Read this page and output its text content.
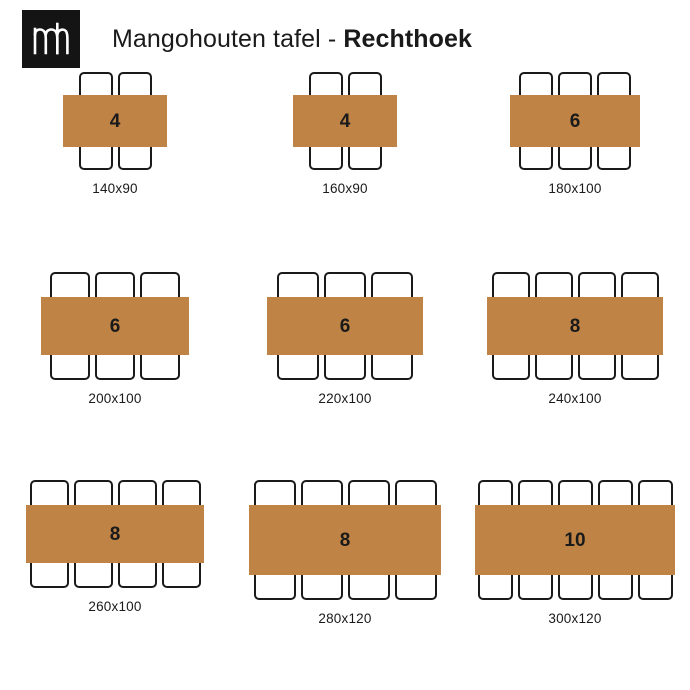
Mangohouten tafel - Rechthoek
4
140x90
4
160x90
6
180x100
6
200x100
6
220x100
8
240x100
8
260x100
8
280x120
10
300x120
